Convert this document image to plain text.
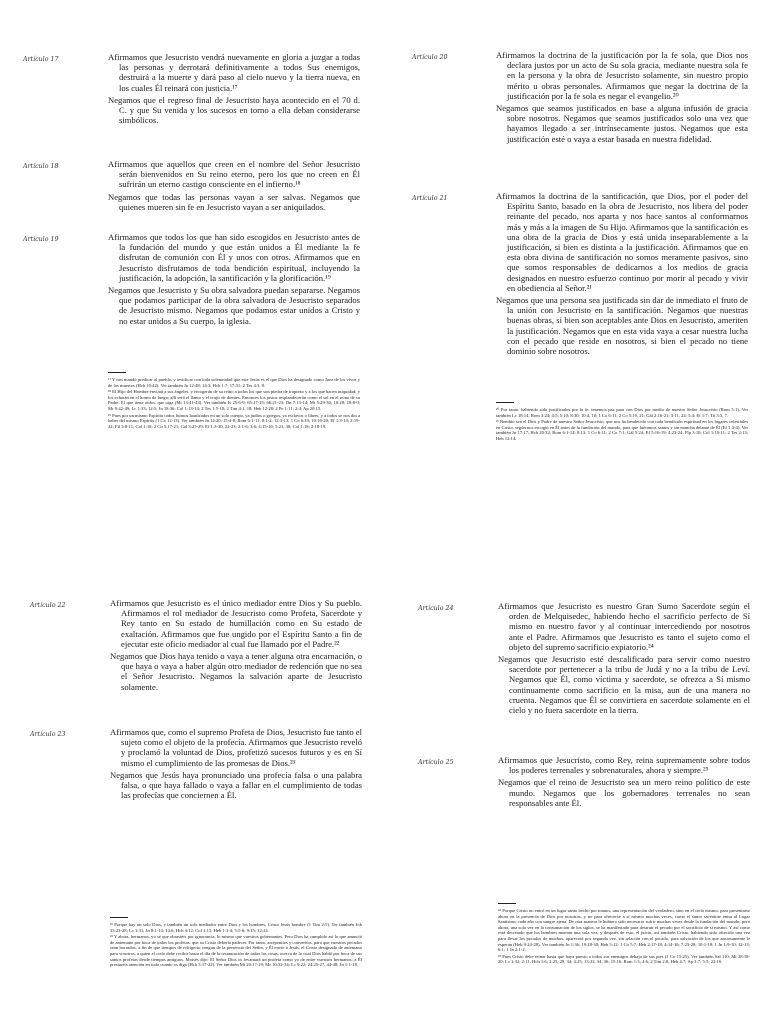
Artículo 17	Afirmamos que Jesucristo vendrá nuevamente en gloria a juzgar a todas las personas y derrotará definitivamente a todos Sus enemigos, destruirá a la muerte y dará paso al cielo nuevo y la tierra nueva, en los cuales Él reinará con justicia.¹⁷

Negamos que el regreso final de Jesucristo haya acontecido en el 70 d. C. y que Su venida y los sucesos en torno a ella deban considerarse simbólicos.

Artículo 18	Afirmamos que aquellos que creen en el nombre del Señor Jesucristo serán bienvenidos en Su reino eterno, pero los que no creen en Él sufrirán un eterno castigo consciente en el infierno.¹⁸

Negamos que todas las personas vayan a ser salvas. Negamos que quienes mueren sin fe en Jesucristo vayan a ser aniquilados.

Artículo 19	Afirmamos que todos los que han sido escogidos en Jesucristo antes de la fundación del mundo y que están unidos a Él mediante la fe disfrutan de comunión con Él y unos con otros. Afirmamos que en Jesucristo disfrutamos de toda bendición espiritual, incluyendo la justificación, la adopción, la santificación y la glorificación.¹⁹

Negamos que Jesucristo y Su obra salvadora puedan separarse. Negamos que podamos participar de la obra salvadora de Jesucristo separados de Jesucristo mismo. Negamos que podamos estar unidos a Cristo y no estar unidos a Su cuerpo, la iglesia.

¹⁷ Y nos mandó predicar al pueblo, y testificar con toda solemnidad que este Jesús es el que Dios ha designado como Juez de los vivos y de los muertos (Hch 10:42). Ver también Jn 12:48; 14:3; Hch 1:7; 17:31; 2 Tes 4:3, 8.

¹⁸ El Hijo del Hombre enviará a sus ángeles, y recogerán de su reino a todos los que son piedra de tropiezo y a los que hacen iniquidad; y los echarán en el horno de fuego; allí será el llanto y el crujir de dientes. Entonces los justos resplandecerán como el sol en el reino de su Padre. El que tiene oídos, que oiga (Mt 13:41-43). Ver también Is 25:6-9; 65:17-25; 66:21-23; Dn 7:13-14; Mt 5:29-30; 10:28; 18:8-9; Mr 9:42-49; Lc 1:33; 12:5; Jn 18:36; Col 1:13-14; 2 Tes 1:5-10; 2 Tim 4:1, 18; Heb 12:28; 2 Pe 1:11; 2:4; Ap 20:15.

¹⁹ Pues por un mismo Espíritu todos fuimos bautizados en un solo cuerpo, ya judíos o griegos, ya esclavos o libres, y a todos se nos dio a beber del mismo Espíritu (1 Co 12:13). Ver también Jn 14:20; 15:4-8; Rom 6:1-11; 8:1-2; 12:3-13; 1 Co 6:19; 10:16-20; Ef 1:3-14; 2:19-22; Fil 3:8-11; Col 1:18; 2 Co 5:17-21; Gál 3:25-29; Ef 1:3-10, 22-23; 2:1-6; 3:6; 4:15-16; 5:23, 30; Col 1:18; 2:18-19.

Artículo 20	Afirmamos la doctrina de la justificación por la fe sola, que Dios nos declara justos por un acto de Su sola gracia, mediante nuestra sola fe en la persona y la obra de Jesucristo solamente, sin nuestro propio mérito u obras personales. Afirmamos que negar la doctrina de la justificación por la fe sola es negar el evangelio.²⁰

Negamos que seamos justificados en base a alguna infusión de gracia sobre nosotros. Negamos que seamos justificados solo una vez que hayamos llegado a ser intrínsecamente justos. Negamos que esta justificación esté o vaya a estar basada en nuestra fidelidad.

Artículo 21	Afirmamos la doctrina de la santificación, que Dios, por el poder del Espíritu Santo, basado en la obra de Jesucristo, nos libera del poder reinante del pecado, nos aparta y nos hace santos al conformarnos más y más a la imagen de Su Hijo. Afirmamos que la santificación es una obra de la gracia de Dios y está unida inseparablemente a la justificación, si bien es distinta a la justificación. Afirmamos que en esta obra divina de santificación no somos meramente pasivos, sino que somos responsables de dedicarnos a los medios de gracia designados en nuestro esfuerzo continuo por morir al pecado y vivir en obediencia al Señor.²¹

Negamos que una persona sea justificada sin dar de inmediato el fruto de la unión con Jesucristo en la santificación. Negamos que nuestras buenas obras, si bien son aceptables ante Dios en Jesucristo, ameriten la justificación. Negamos que en esta vida vaya a cesar nuestra lucha con el pecado que reside en nosotros, si bien el pecado no tiene dominio sobre nosotros.

²⁰ Por tanto, habiendo sido justificados por la fe, tenemos paz para con Dios por medio de nuestro Señor Jesucristo (Rom 5:1). Ver también Lc 18:14; Rom 3:24; 4:5; 5:10; 8:30; 10:4, 10; 1 Co 6:11; 2 Co 5:19, 21; Gál 2:16-21; 3:11, 24; 5:4; Ef 1:7; Tit 3:5, 7.

²¹ Bendito sea el Dios y Padre de nuestro Señor Jesucristo, que nos ha bendecido con toda bendición espiritual en los lugares celestiales en Cristo, según nos escogió en Él antes de la fundación del mundo, para que fuéramos santos y sin mancha delante de Él (Ef 1:3-4). Ver también Jn 17:17; Hch 20:32; Rom 6:1-14; 8:13; 1 Co 6:11; 2 Co 7:1; Gál 5:24; Ef 5:16-19; 4:23-24; Flp 3:10; Col 1:10-11; 2 Tes 2:13; Heb 12:14.

Artículo 22	Afirmamos que Jesucristo es el único mediador entre Dios y Su pueblo. Afirmamos el rol mediador de Jesucristo como Profeta, Sacerdote y Rey tanto en Su estado de humillación como en Su estado de exaltación. Afirmamos que fue ungido por el Espíritu Santo a fin de ejecutar este oficio mediador al cual fue llamado por el Padre.²²

Negamos que Dios haya tenido o vaya a tener alguna otra encarnación, o que haya o vaya a haber algún otro mediador de redención que no sea el Señor Jesucristo. Negamos la salvación aparte de Jesucristo solamente.

Artículo 23	Afirmamos que, como el supremo Profeta de Dios, Jesucristo fue tanto el sujeto como el objeto de la profecía. Afirmamos que Jesucristo reveló y proclamó la voluntad de Dios, profetizó sucesos futuros y es en Sí mismo el cumplimiento de las promesas de Dios.²³

Negamos que Jesús haya pronunciado una profecía falsa o una palabra falsa, o que haya fallado o vaya a fallar en el cumplimiento de todas las profecías que conciernen a Él.

²² Porque hay un solo Dios, y también un solo mediador entre Dios y los hombres, Cristo Jesús hombre (1 Tim 2:5). Ver también Job 33:23-28; Lc 1:31; Jn 8:1-14; 14:6; Hch 4:12; Col 1:15; Heb 1:1-4; 5:5-6; 9:15; 12:24.

²³ Y ahora, hermanos, yo sé que obrasteis por ignorancia, lo mismo que vuestros gobernantes. Pero Dios ha cumplido así lo que anunció de antemano por boca de todos los profetas: que su Cristo debería padecer. Por tanto, arrepentíos y convertíos, para que vuestros pecados sean borrados, a fin de que tiempos de refrigerio vengan de la presencia del Señor, y Él envíe a Jesús, el Cristo designado de antemano para vosotros, a quien el cielo debe recibir hasta el día de la restauración de todas las cosas, acerca de lo cual Dios habló por boca de sus santos profetas desde tiempos antiguos. Moisés dijo: El Señor Dios os levantará un profeta como yo de entre vuestros hermanos; a Él prestaréis atención en todo cuanto os diga (Hch 3:17-22). Ver también Mt 20:17-19; Mr 10:32-34; Lc 9:22; 24:25-27, 44-48; Jn 1:1-18.

Artículo 24	Afirmamos que Jesucristo es nuestro Gran Sumo Sacerdote según el orden de Melquisedec, habiendo hecho el sacrificio perfecto de Sí mismo en nuestro favor y al continuar intercediendo por nosotros ante el Padre. Afirmamos que Jesucristo es tanto el sujeto como el objeto del supremo sacrificio expiatorio.²⁴

Negamos que Jesucristo esté descalificado para servir como nuestro sacerdote por pertenecer a la tribu de Judá y no a la tribu de Leví. Negamos que Él, como víctima y sacerdote, se ofrezca a Sí mismo continuamente como sacrificio en la misa, aun de una manera no cruenta. Negamos que Él se convirtiera en sacerdote solamente en el cielo y no fuera sacerdote en la tierra.

Artículo 25	Afirmamos que Jesucristo, como Rey, reina supremamente sobre todos los poderes terrenales y sobrenaturales, ahora y siempre.²⁵

Negamos que el reino de Jesucristo sea un mero reino político de este mundo. Negamos que los gobernadores terrenales no sean responsables ante Él.

²⁴ Porque Cristo no entró en un lugar santo hecho por manos, una representación del verdadero, sino en el cielo mismo, para presentarse ahora en la presencia de Dios por nosotros, y no para ofrecerse a sí mismo muchas veces, como el sumo sacerdote entra al Lugar Santísimo cada año con sangre ajena. De otra manera le hubiera sido necesario sufrir muchas veces desde la fundación del mundo; pero ahora, una sola vez en la consumación de los siglos, se ha manifestado para destruir el pecado por el sacrificio de sí mismo. Y así como está decretado que los hombres mueran una sola vez, y después de esto, el juicio, así también Cristo, habiendo sido ofrecido una vez para llevar los pecados de muchos, aparecerá por segunda vez, sin relación con el pecado, para salvación de los que ansiosamente le esperan (Heb 9:24-28). Ver también Jn 1:36; 19:28-30; Heb 5:12; 1 Co 5:7; Heb 2:17-18; 4:14-16; 7:23-28; 10:1-18; 1 Jn 1:9-10; 12-13; 6:1; 1 Jn 2:1-2.

²⁵ Pues Cristo debe reinar hasta que haya puesto a todos sus enemigos debajo de sus pies (1 Co 15:25). Ver también Sal 110; Mt 28:18-20; Lc 1:32; 2:11; Hch 1:6; 2:25, 29, 34; 4:25; 13:22, 34, 36; 15:16; Rom 1:3; 4:6; 2 Tim 2:8; Heb 4:7; Ap 1:7; 5:5; 22:16.
